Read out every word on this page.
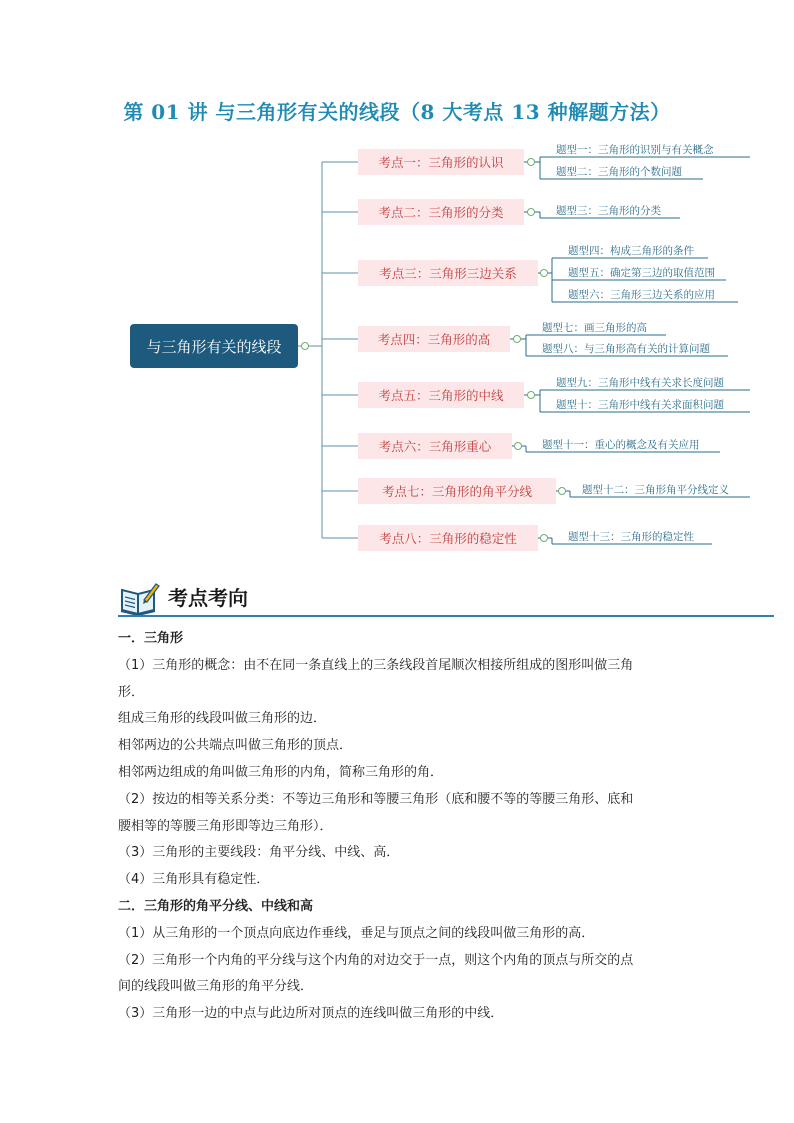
第 01 讲 与三角形有关的线段（8 大考点 13 种解题方法）
与三角形有关的线段
考点一：三角形的认识
考点二：三角形的分类
考点三：三角形三边关系
考点四：三角形的高
考点五：三角形的中线
考点六：三角形重心
考点七：三角形的角平分线
考点八：三角形的稳定性
题型一：三角形的识别与有关概念
题型二：三角形的个数问题
题型三：三角形的分类
题型四：构成三角形的条件
题型五：确定第三边的取值范围
题型六：三角形三边关系的应用
题型七：画三角形的高
题型八：与三角形高有关的计算问题
题型九：三角形中线有关求长度问题
题型十：三角形中线有关求面积问题
题型十一：重心的概念及有关应用
题型十二：三角形角平分线定义
题型十三：三角形的稳定性
考点考向

一．三角形

（1）三角形的概念：由不在同一条直线上的三条线段首尾顺次相接所组成的图形叫做三角

形．

组成三角形的线段叫做三角形的边．

相邻两边的公共端点叫做三角形的顶点．

相邻两边组成的角叫做三角形的内角，简称三角形的角．

（2）按边的相等关系分类：不等边三角形和等腰三角形（底和腰不等的等腰三角形、底和

腰相等的等腰三角形即等边三角形）．

（3）三角形的主要线段：角平分线、中线、高．

（4）三角形具有稳定性．

二．三角形的角平分线、中线和高

（1）从三角形的一个顶点向底边作垂线，垂足与顶点之间的线段叫做三角形的高．

（2）三角形一个内角的平分线与这个内角的对边交于一点，则这个内角的顶点与所交的点

间的线段叫做三角形的角平分线．

（3）三角形一边的中点与此边所对顶点的连线叫做三角形的中线．
